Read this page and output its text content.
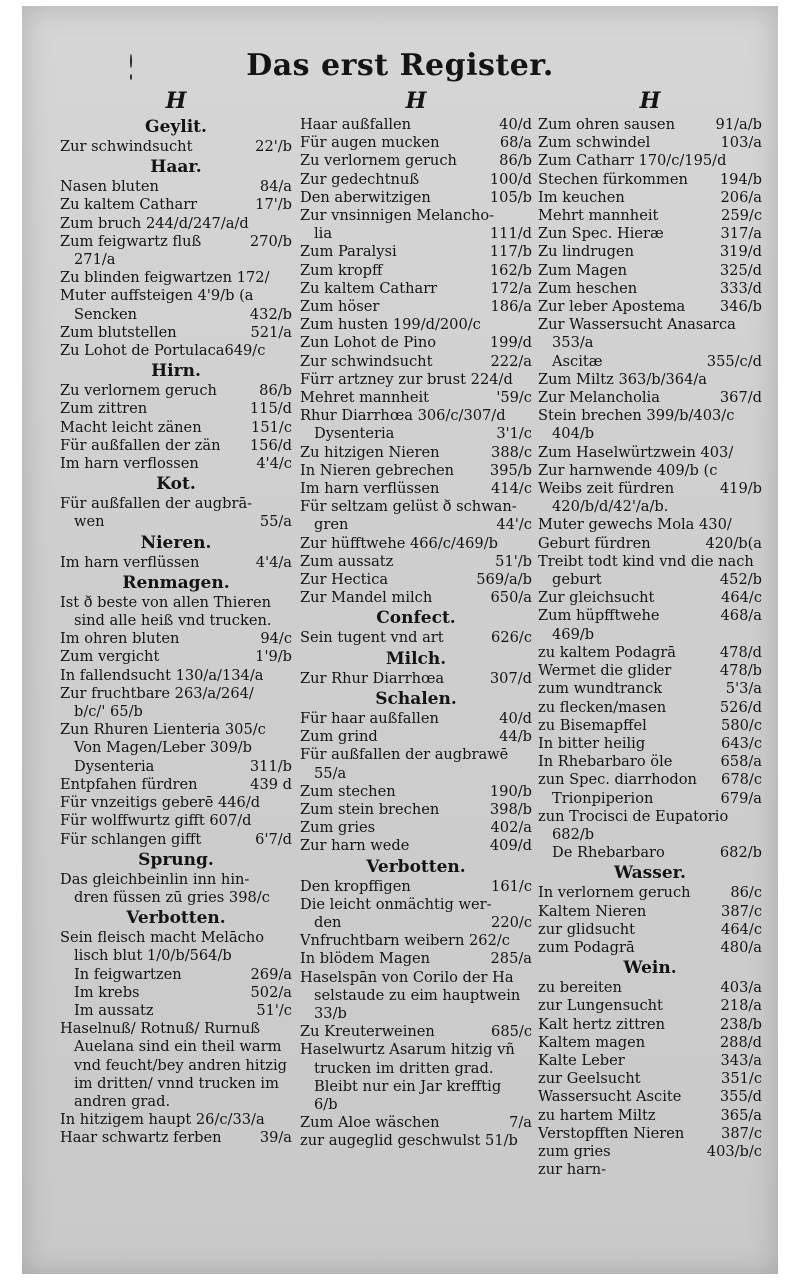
Das erst Register.
H
Geylit.
Zur schwindsucht	22'/b
Haar.
Nasen bluten	84/a
Zu kaltem Catharr	17'/b
Zum bruch 244/d/247/a/d
Zum feigwartz fluß	270/b
271/a
Zu blinden feigwartzen 172/
Muter auffsteigen 4'9/b (a
Sencken	432/b
Zum blutstellen	521/a
Zu Lohot de Portulaca649/c
Hirn.
Zu verlornem geruch	86/b
Zum zittren	115/d
Macht leicht zänen	151/c
Für außfallen der zän 156/d
Im harn verflossen	4'4/c
Kot.
Für außfallen der augbrā-
wen	55/a
Nieren.
Im harn verflüssen	4'4/a
Renmagen.
Ist ð beste von allen Thieren
sind alle heiß vnd trucken.
Im ohren bluten	94/c
Zum vergicht	1'9/b
In fallendsucht 130/a/134/a
Zur fruchtbare 263/a/264/
b/c/' 65/b
Zun Rhuren Lienteria 305/c
Von Magen/Leber 309/b
Dysenteria	311/b
Entpfahen fürdren	439 d
Für vnzeitigs geberē 446/d
Für wolffwurtz gifft 607/d
Für schlangen gifft	6'7/d
Sprung.
Das gleichbeinlin inn hin-
dren füssen zū gries 398/c
Verbotten.
Sein fleisch macht Melācho
lisch blut 1/0/b/564/b
In feigwartzen	269/a
Im krebs	502/a
Im aussatz	51'/c
Haselnuß/ Rotnuß/ Rurnuß
Auelana sind ein theil warm
vnd feucht/bey andren hitzig
im dritten/ vnnd trucken im
andren grad.
In hitzigem haupt 26/c/33/a
Haar schwartz ferben	39/a
H
Haar außfallen	40/d
Für augen mucken	68/a
Zu verlornem geruch	86/b
Zur gedechtnuß	100/d
Den aberwitzigen	105/b
Zur vnsinnigen Melancho-
lia	111/d
Zum Paralysi	117/b
Zum kropff	162/b
Zu kaltem Catharr	172/a
Zum höser	186/a
Zum husten 199/d/200/c
Zun Lohot de Pino	199/d
Zur schwindsucht	222/a
Fürr artzney zur brust 224/d
Mehret mannheit	'59/c
Rhur Diarrhœa 306/c/307/d
Dysenteria	3'1/c
Zu hitzigen Nieren	388/c
In Nieren gebrechen 395/b
Im harn verflüssen	414/c
Für seltzam gelüst ð schwan-
gren	44'/c
Zur hüfftwehe 466/c/469/b
Zum aussatz	51'/b
Zur Hectica	569/a/b
Zur Mandel milch	650/a
Confect.
Sein tugent vnd art	626/c
Milch.
Zur Rhur Diarrhœa	307/d
Schalen.
Für haar außfallen	40/d
Zum grind	44/b
Für außfallen der augbrawē
55/a
Zum stechen	190/b
Zum stein brechen	398/b
Zum gries	402/a
Zur harn wede	409/d
Verbotten.
Den kropffigen	161/c
Die leicht onmächtig wer-
den	220/c
Vnfruchtbarn weibern 262/c
In blödem Magen	285/a
Haselspān von Corilo der Ha
selstaude zu eim hauptwein
33/b
Zu Kreuterweinen	685/c
Haselwurtz Asarum hitzig vñ
trucken im dritten grad.
Bleibt nur ein Jar krefftig
6/b
Zum Aloe wäschen	7/a
zur augeglid geschwulst 51/b
H
Zum ohren sausen	91/a/b
Zum schwindel	103/a
Zum Catharr 170/c/195/d
Stechen fürkommen 194/b
Im keuchen	206/a
Mehrt mannheit	259/c
Zun Spec. Hieræ	317/a
Zu lindrugen	319/d
Zum Magen	325/d
Zum heschen	333/d
Zur leber Apostema 346/b
Zur Wassersucht Anasarca
353/a
Ascitæ	355/c/d
Zum Miltz 363/b/364/a
Zur Melancholia	367/d
Stein brechen 399/b/403/c
404/b
Zum Haselwürtzwein 403/
Zur harnwende 409/b (c
Weibs zeit fürdren	419/b
420/b/d/42'/a/b.
Muter gewechs Mola 430/
Geburt fürdren	420/b(a
Treibt todt kind vnd die nach
geburt	452/b
Zur gleichsucht	464/c
Zum hüpfftwehe	468/a
469/b
zu kaltem Podagrā	478/d
Wermet die glider	478/b
zum wundtranck	5'3/a
zu flecken/masen	526/d
zu Bisemapffel	580/c
In bitter heilig	643/c
In Rhebarbaro öle	658/a
zun Spec. diarrhodon 678/c
Trionpiperion	679/a
zun Trocisci de Eupatorio
682/b
De Rhebarbaro	682/b
Wasser.
In verlornem geruch	86/c
Kaltem Nieren	387/c
zur glidsucht	464/c
zum Podagrā	480/a
Wein.
zu bereiten	403/a
zur Lungensucht	218/a
Kalt hertz zittren	238/b
Kaltem magen	288/d
Kalte Leber	343/a
zur Geelsucht	351/c
Wassersucht Ascite	355/d
zu hartem Miltz	365/a
Verstopfften Nieren	387/c
zum gries	403/b/c
zur harn-
